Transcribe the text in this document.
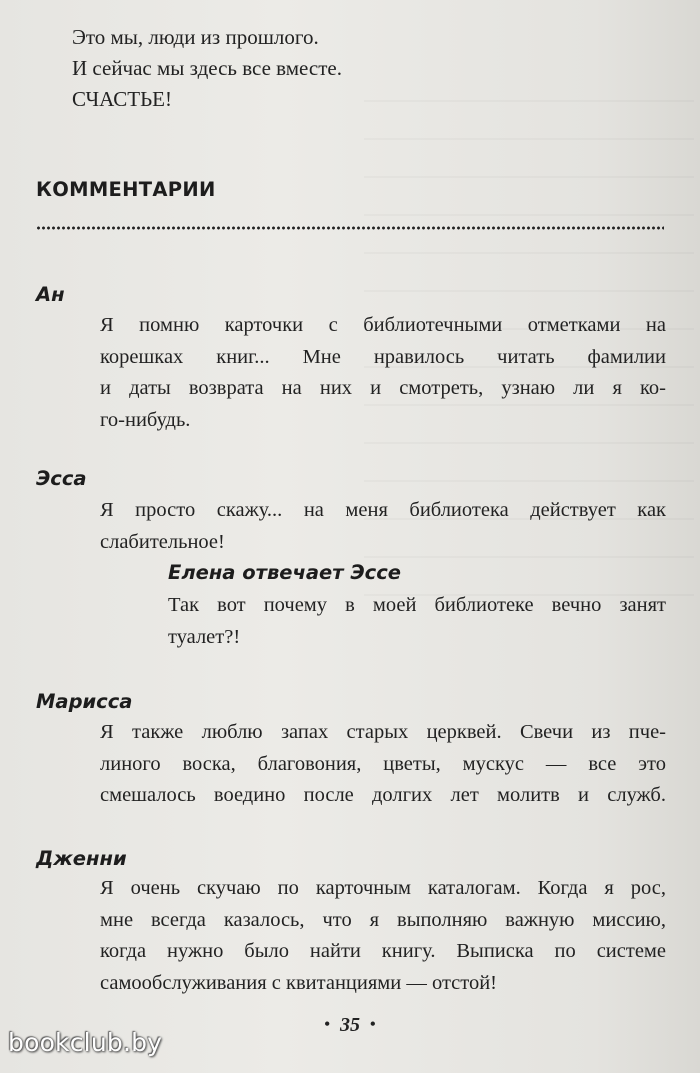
Это мы, люди из прошлого.
И сейчас мы здесь все вместе.
СЧАСТЬЕ!
КОММЕНТАРИИ
Ан
Я помню карточки с библиотечными отметками на
корешках книг... Мне нравилось читать фамилии
и даты возврата на них и смотреть, узнаю ли я ко-
го-нибудь.
Эсса
Я просто скажу... на меня библиотека действует как
слабительное!
Елена отвечает Эссе
Так вот почему в моей библиотеке вечно занят
туалет?!
Марисса
Я также люблю запах старых церквей. Свечи из пче-
линого воска, благовония, цветы, мускус — все это
смешалось воедино после долгих лет молитв и служб.
Дженни
Я очень скучаю по карточным каталогам. Когда я рос,
мне всегда казалось, что я выполняю важную миссию,
когда нужно было найти книгу. Выписка по системе
самообслуживания с квитанциями — отстой!
• 35 •
bookclub.by
